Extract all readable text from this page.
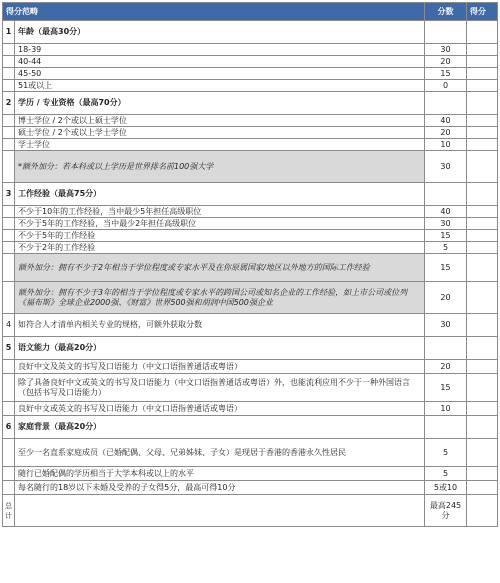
得分范畴		分数	得分
1	年龄（最高30分）		
	18-39	30	
	40-44	20	
	45-50	15	
	51或以上	0	
2	学历 / 专业资格（最高70分）		
	博士学位 / 2个或以上硕士学位	40	
	硕士学位 / 2个或以上学士学位	20	
	学士学位	10	
	*额外加分：若本科或以上学历是世界排名前100强大学	30	
3	工作经验（最高75分）		
	不少于10年的工作经验，当中最少5年担任高级职位	40	
	不少于5年的工作经验，当中最少2年担任高级职位	30	
	不少于5年的工作经验	15	
	不少于2年的工作经验	5	
	额外加分：拥有不少于2年相当于学位程度或专家水平及在你原属国家/地区以外地方的国际工作经验	15	
	额外加分：拥有不少于3年的相当于学位程度或专家水平的跨国公司或知名企业的工作经验，如上市公司或位列《福布斯》全球企业2000强、《财富》世界500强和胡润中国500强企业	20	
4	如符合人才清单内相关专业的规格，可额外获取分数	30	
5	语文能力（最高20分）		
	良好中文及英文的书写及口语能力（中文口语指普通话或粤语）	20	
	除了具备良好中文或英文的书写及口语能力（中文口语指普通话或粤语）外，也能流利应用不少于一种外国语言（包括书写及口语能力）	15	
	良好中文或英文的书写及口语能力（中文口语指普通话或粤语）	10	
6	家庭背景（最高20分）		
	至少一名直系家庭成员（已婚配偶、父母、兄弟姊妹、子女）是现居于香港的香港永久性居民	5	
	随行已婚配偶的学历相当于大学本科或以上的水平	5	
	每名随行的18岁以下未婚及受养的子女得5分，最高可得10分	5或10	
总计		最高245分	
